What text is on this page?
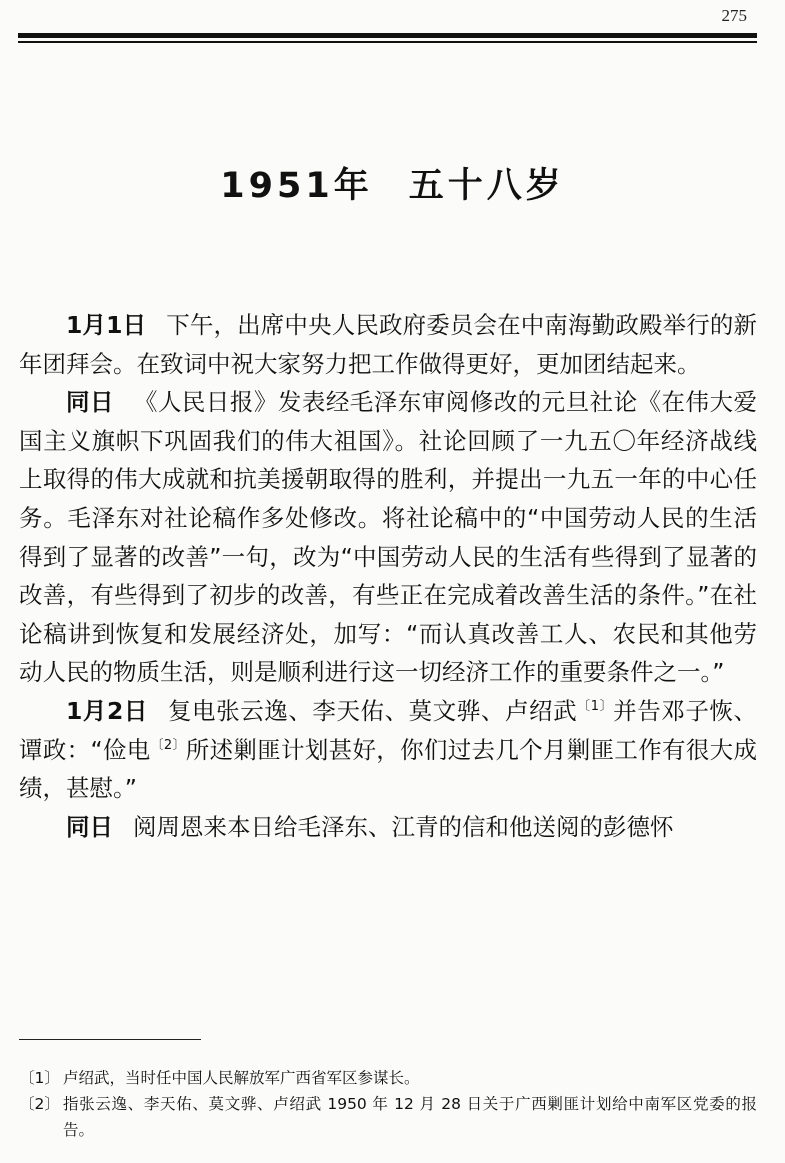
275
1951年 五十八岁

1月1日 下午，出席中央人民政府委员会在中南海勤政殿举行的新年团拜会。在致词中祝大家努力把工作做得更好，更加团结起来。

同日 《人民日报》发表经毛泽东审阅修改的元旦社论《在伟大爱国主义旗帜下巩固我们的伟大祖国》。社论回顾了一九五〇年经济战线上取得的伟大成就和抗美援朝取得的胜利，并提出一九五一年的中心任务。毛泽东对社论稿作多处修改。将社论稿中的“中国劳动人民的生活得到了显著的改善”一句，改为“中国劳动人民的生活有些得到了显著的改善，有些得到了初步的改善，有些正在完成着改善生活的条件。”在社论稿讲到恢复和发展经济处，加写：“而认真改善工人、农民和其他劳动人民的物质生活，则是顺利进行这一切经济工作的重要条件之一。”

1月2日 复电张云逸、李天佑、莫文骅、卢绍武$^{〔1〕}$并告邓子恢、谭政：“俭电$^{〔2〕}$所述剿匪计划甚好，你们过去几个月剿匪工作有很大成绩，甚慰。”

同日 阅周恩来本日给毛泽东、江青的信和他送阅的彭德怀

〔1〕 卢绍武，当时任中国人民解放军广西省军区参谋长。

〔2〕 指张云逸、李天佑、莫文骅、卢绍武 1950 年 12 月 28 日关于广西剿匪计划给中南军区党委的报告。
